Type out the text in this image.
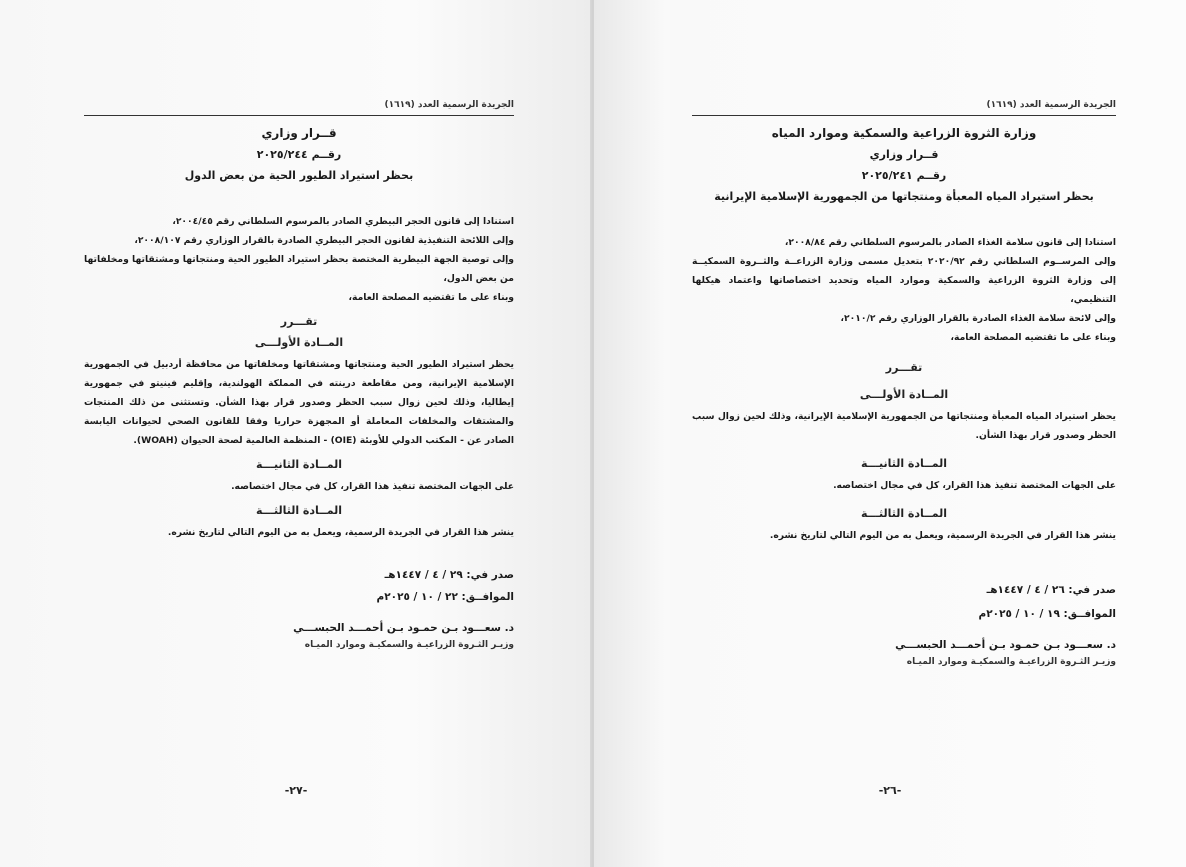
الجريدة الرسمية العدد (١٦١٩)
قــرار وزاري
رقــم ٢٠٢٥/٢٤٤
بحظر استيراد الطيور الحية من بعض الدول

استنادا إلى قانون الحجر البيطري الصادر بالمرسوم السلطاني رقم ٢٠٠٤/٤٥،

وإلى اللائحة التنفيذية لقانون الحجر البيطري الصادرة بالقرار الوزاري رقم ٢٠٠٨/١٠٧،

وإلى توصية الجهة البيطرية المختصة بحظر استيراد الطيور الحية ومنتجاتها ومشتقاتها ومخلفاتها من بعض الدول،

وبناء على ما تقتضيه المصلحة العامة،

تقـــرر
المــادة الأولـــى

يحظر استيراد الطيور الحية ومنتجاتها ومشتقاتها ومخلفاتها من محافظة أردبيل في الجمهورية الإسلامية الإيرانية، ومن مقاطعة درينته في المملكة الهولندية، وإقليم فينيتو في جمهورية إيطاليا، وذلك لحين زوال سبب الحظر وصدور قرار بهذا الشأن. وتستثنى من ذلك المنتجات والمشتقات والمخلفات المعاملة أو المجهزة حراريا وفقا للقانون الصحي لحيوانات اليابسة الصادر عن - المكتب الدولي للأوبئة (OIE) - المنظمة العالمية لصحة الحيوان (WOAH).

المــادة الثانيـــة

على الجهات المختصة تنفيذ هذا القرار، كل في مجال اختصاصه.

المــادة الثالثـــة

ينشر هذا القرار في الجريدة الرسمية، ويعمل به من اليوم التالي لتاريخ نشره.

صدر في: ٢٩ / ٤ / ١٤٤٧هـ
الموافــق: ٢٢ / ١٠ / ٢٠٢٥م
د. سعـــود بـن حمـود بـن أحمـــد الحبســـي
وزيـر الثـروة الزراعيـة والسمكيـة وموارد الميـاه
-٢٧-
الجريدة الرسمية العدد (١٦١٩)
وزارة الثروة الزراعية والسمكية وموارد المياه
قــرار وزاري
رقــم ٢٠٢٥/٢٤١
بحظر استيراد المياه المعبأة ومنتجاتها من الجمهورية الإسلامية الإيرانية

استنادا إلى قانون سلامة الغذاء الصادر بالمرسوم السلطاني رقم ٢٠٠٨/٨٤،

وإلى المرســوم السلطاني رقم ٢٠٢٠/٩٢ بتعديل مسمى وزارة الزراعــة والثــروة السمكيــة إلى وزارة الثروة الزراعية والسمكية وموارد المياه وتحديد اختصاصاتها واعتماد هيكلها التنظيمي،

وإلى لائحة سلامة الغذاء الصادرة بالقرار الوزاري رقم ٢٠١٠/٢،

وبناء على ما تقتضيه المصلحة العامة،

تقـــرر
المــادة الأولـــى

يحظر استيراد المياه المعبأة ومنتجاتها من الجمهورية الإسلامية الإيرانية، وذلك لحين زوال سبب الحظر وصدور قرار بهذا الشأن.

المــادة الثانيـــة

على الجهات المختصة تنفيذ هذا القرار، كل في مجال اختصاصه.

المــادة الثالثـــة

ينشر هذا القرار في الجريدة الرسمية، ويعمل به من اليوم التالي لتاريخ نشره.

صدر في: ٢٦ / ٤ / ١٤٤٧هـ
الموافــق: ١٩ / ١٠ / ٢٠٢٥م
د. سعـــود بـن حمـود بـن أحمـــد الحبســـي
وزيـر الثـروة الزراعيـة والسمكيـة وموارد الميـاه
-٢٦-
